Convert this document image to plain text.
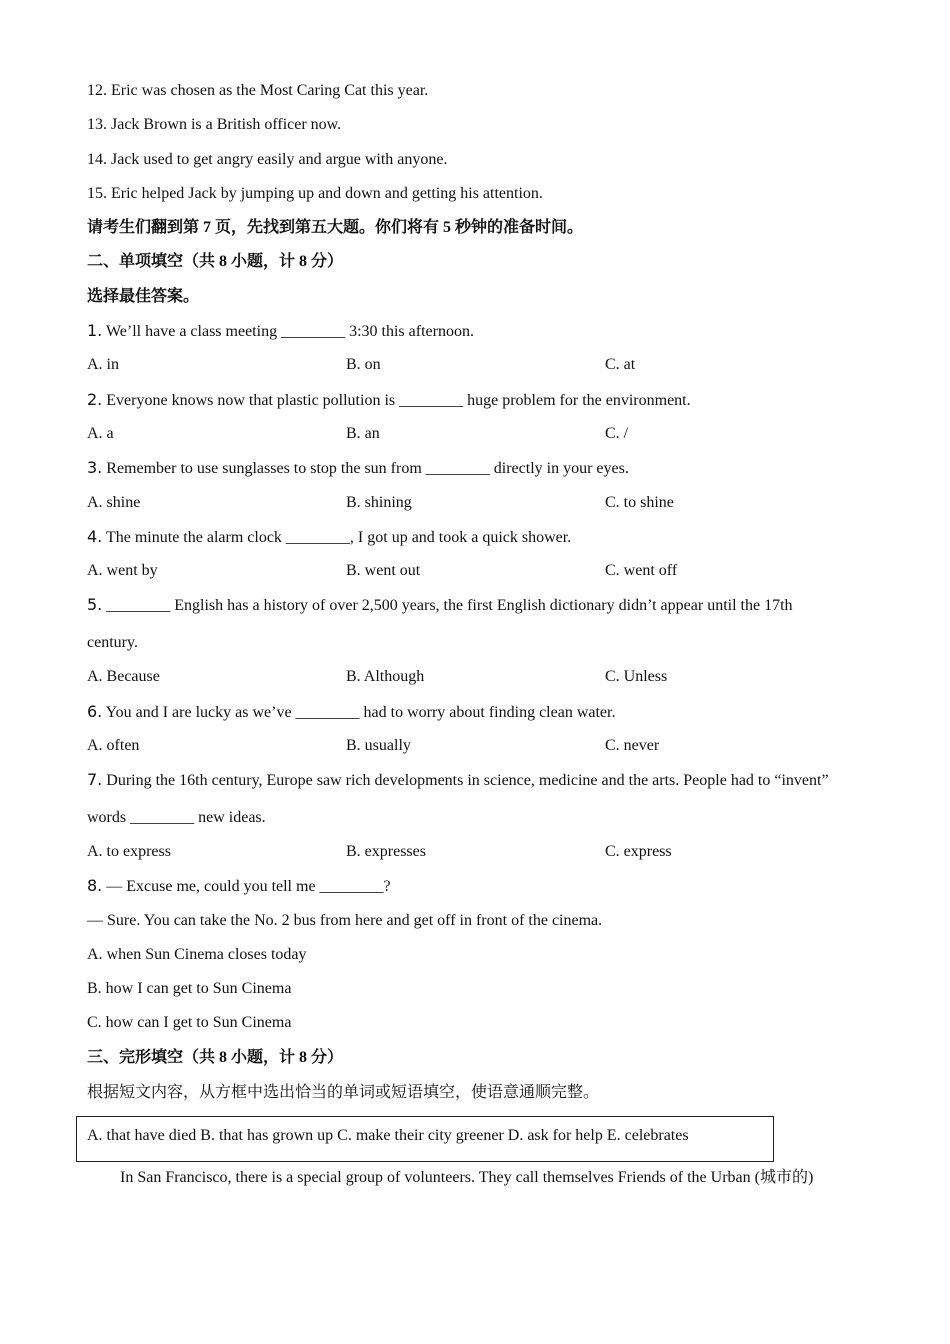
12. Eric was chosen as the Most Caring Cat this year.
13. Jack Brown is a British officer now.
14. Jack used to get angry easily and argue with anyone.
15. Eric helped Jack by jumping up and down and getting his attention.
请考生们翻到第 7 页，先找到第五大题。你们将有 5 秒钟的准备时间。
二、单项填空（共 8 小题，计 8 分）
选择最佳答案。
1. We’ll have a class meeting ________ 3:30 this afternoon.
A. in	B. on	C. at
2. Everyone knows now that plastic pollution is ________ huge problem for the environment.
A. a	B. an	C. /
3. Remember to use sunglasses to stop the sun from ________ directly in your eyes.
A. shine	B. shining	C. to shine
4. The minute the alarm clock ________, I got up and took a quick shower.
A. went by	B. went out	C. went off
5. ________ English has a history of over 2,500 years, the first English dictionary didn’t appear until the 17th
century.
A. Because	B. Although	C. Unless
6. You and I are lucky as we’ve ________ had to worry about finding clean water.
A. often	B. usually	C. never
7. During the 16th century, Europe saw rich developments in science, medicine and the arts. People had to “invent”
words ________ new ideas.
A. to express	B. expresses	C. express
8. — Excuse me, could you tell me ________?
— Sure. You can take the No. 2 bus from here and get off in front of the cinema.
A. when Sun Cinema closes today
B. how I can get to Sun Cinema
C. how can I get to Sun Cinema
三、完形填空（共 8 小题，计 8 分）
根据短文内容，从方框中选出恰当的单词或短语填空，使语意通顺完整。
A. that have died B. that has grown up C. make their city greener D. ask for help E. celebrates
In San Francisco, there is a special group of volunteers. They call themselves Friends of the Urban (城市的)
